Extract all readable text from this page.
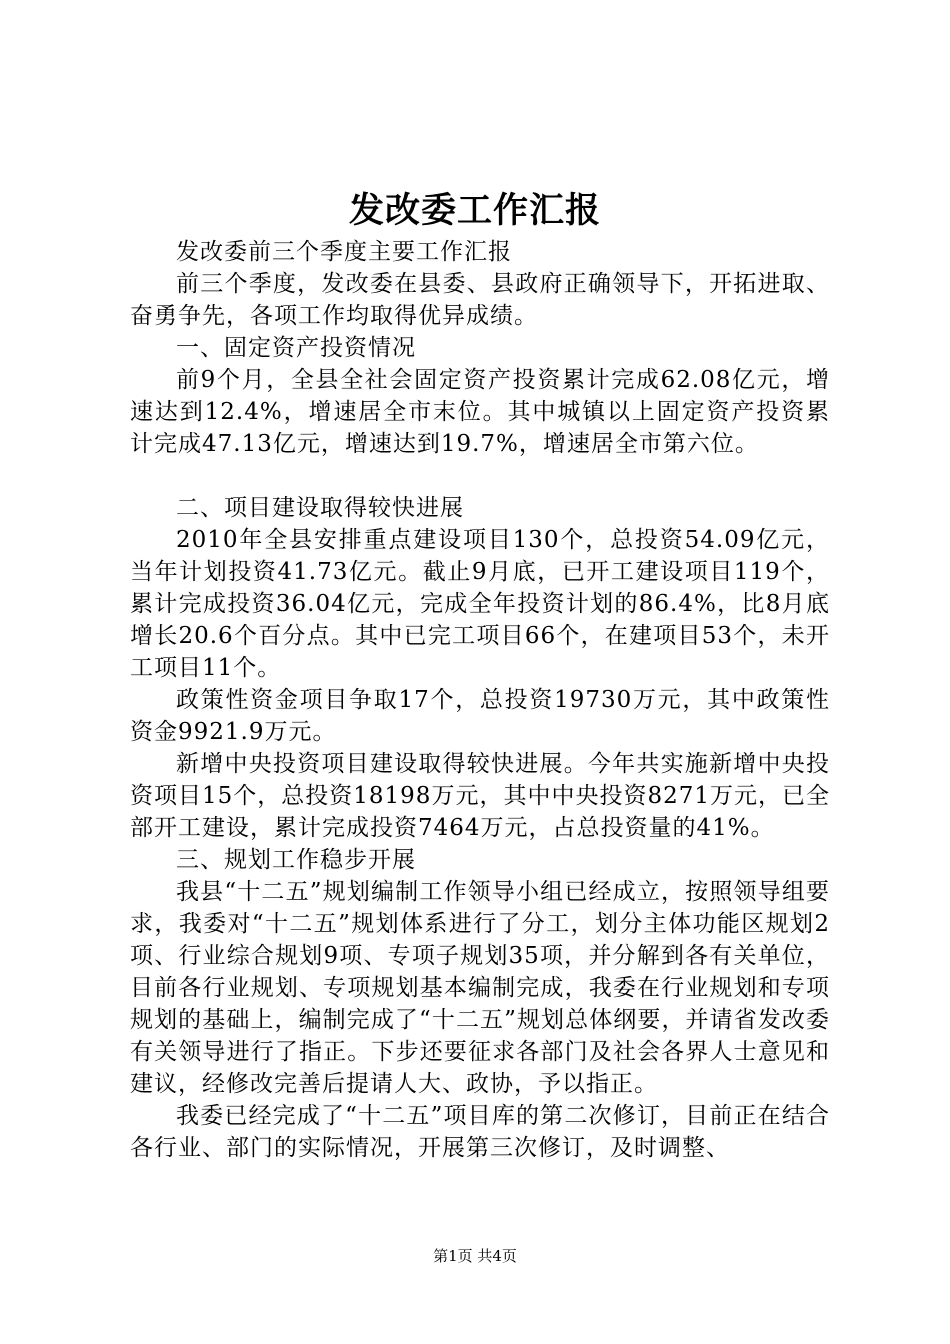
发改委工作汇报

发改委前三个季度主要工作汇报

前三个季度，发改委在县委、县政府正确领导下，开拓进取、奋勇争先，各项工作均取得优异成绩。

一、固定资产投资情况

前9个月，全县全社会固定资产投资累计完成62.08亿元，增速达到12.4%，增速居全市末位。其中城镇以上固定资产投资累计完成47.13亿元，增速达到19.7%，增速居全市第六位。

二、项目建设取得较快进展

2010年全县安排重点建设项目130个，总投资54.09亿元，当年计划投资41.73亿元。截止9月底，已开工建设项目119个，累计完成投资36.04亿元，完成全年投资计划的86.4%，比8月底增长20.6个百分点。其中已完工项目66个，在建项目53个，未开工项目11个。

政策性资金项目争取17个，总投资19730万元，其中政策性资金9921.9万元。

新增中央投资项目建设取得较快进展。今年共实施新增中央投资项目15个，总投资18198万元，其中中央投资8271万元，已全部开工建设，累计完成投资7464万元，占总投资量的41%。

三、规划工作稳步开展

我县“十二五”规划编制工作领导小组已经成立，按照领导组要求，我委对“十二五”规划体系进行了分工，划分主体功能区规划2项、行业综合规划9项、专项子规划35项，并分解到各有关单位，目前各行业规划、专项规划基本编制完成，我委在行业规划和专项规划的基础上，编制完成了“十二五”规划总体纲要，并请省发改委有关领导进行了指正。下步还要征求各部门及社会各界人士意见和建议，经修改完善后提请人大、政协，予以指正。

我委已经完成了“十二五”项目库的第二次修订，目前正在结合各行业、部门的实际情况，开展第三次修订，及时调整、

第1页 共4页
